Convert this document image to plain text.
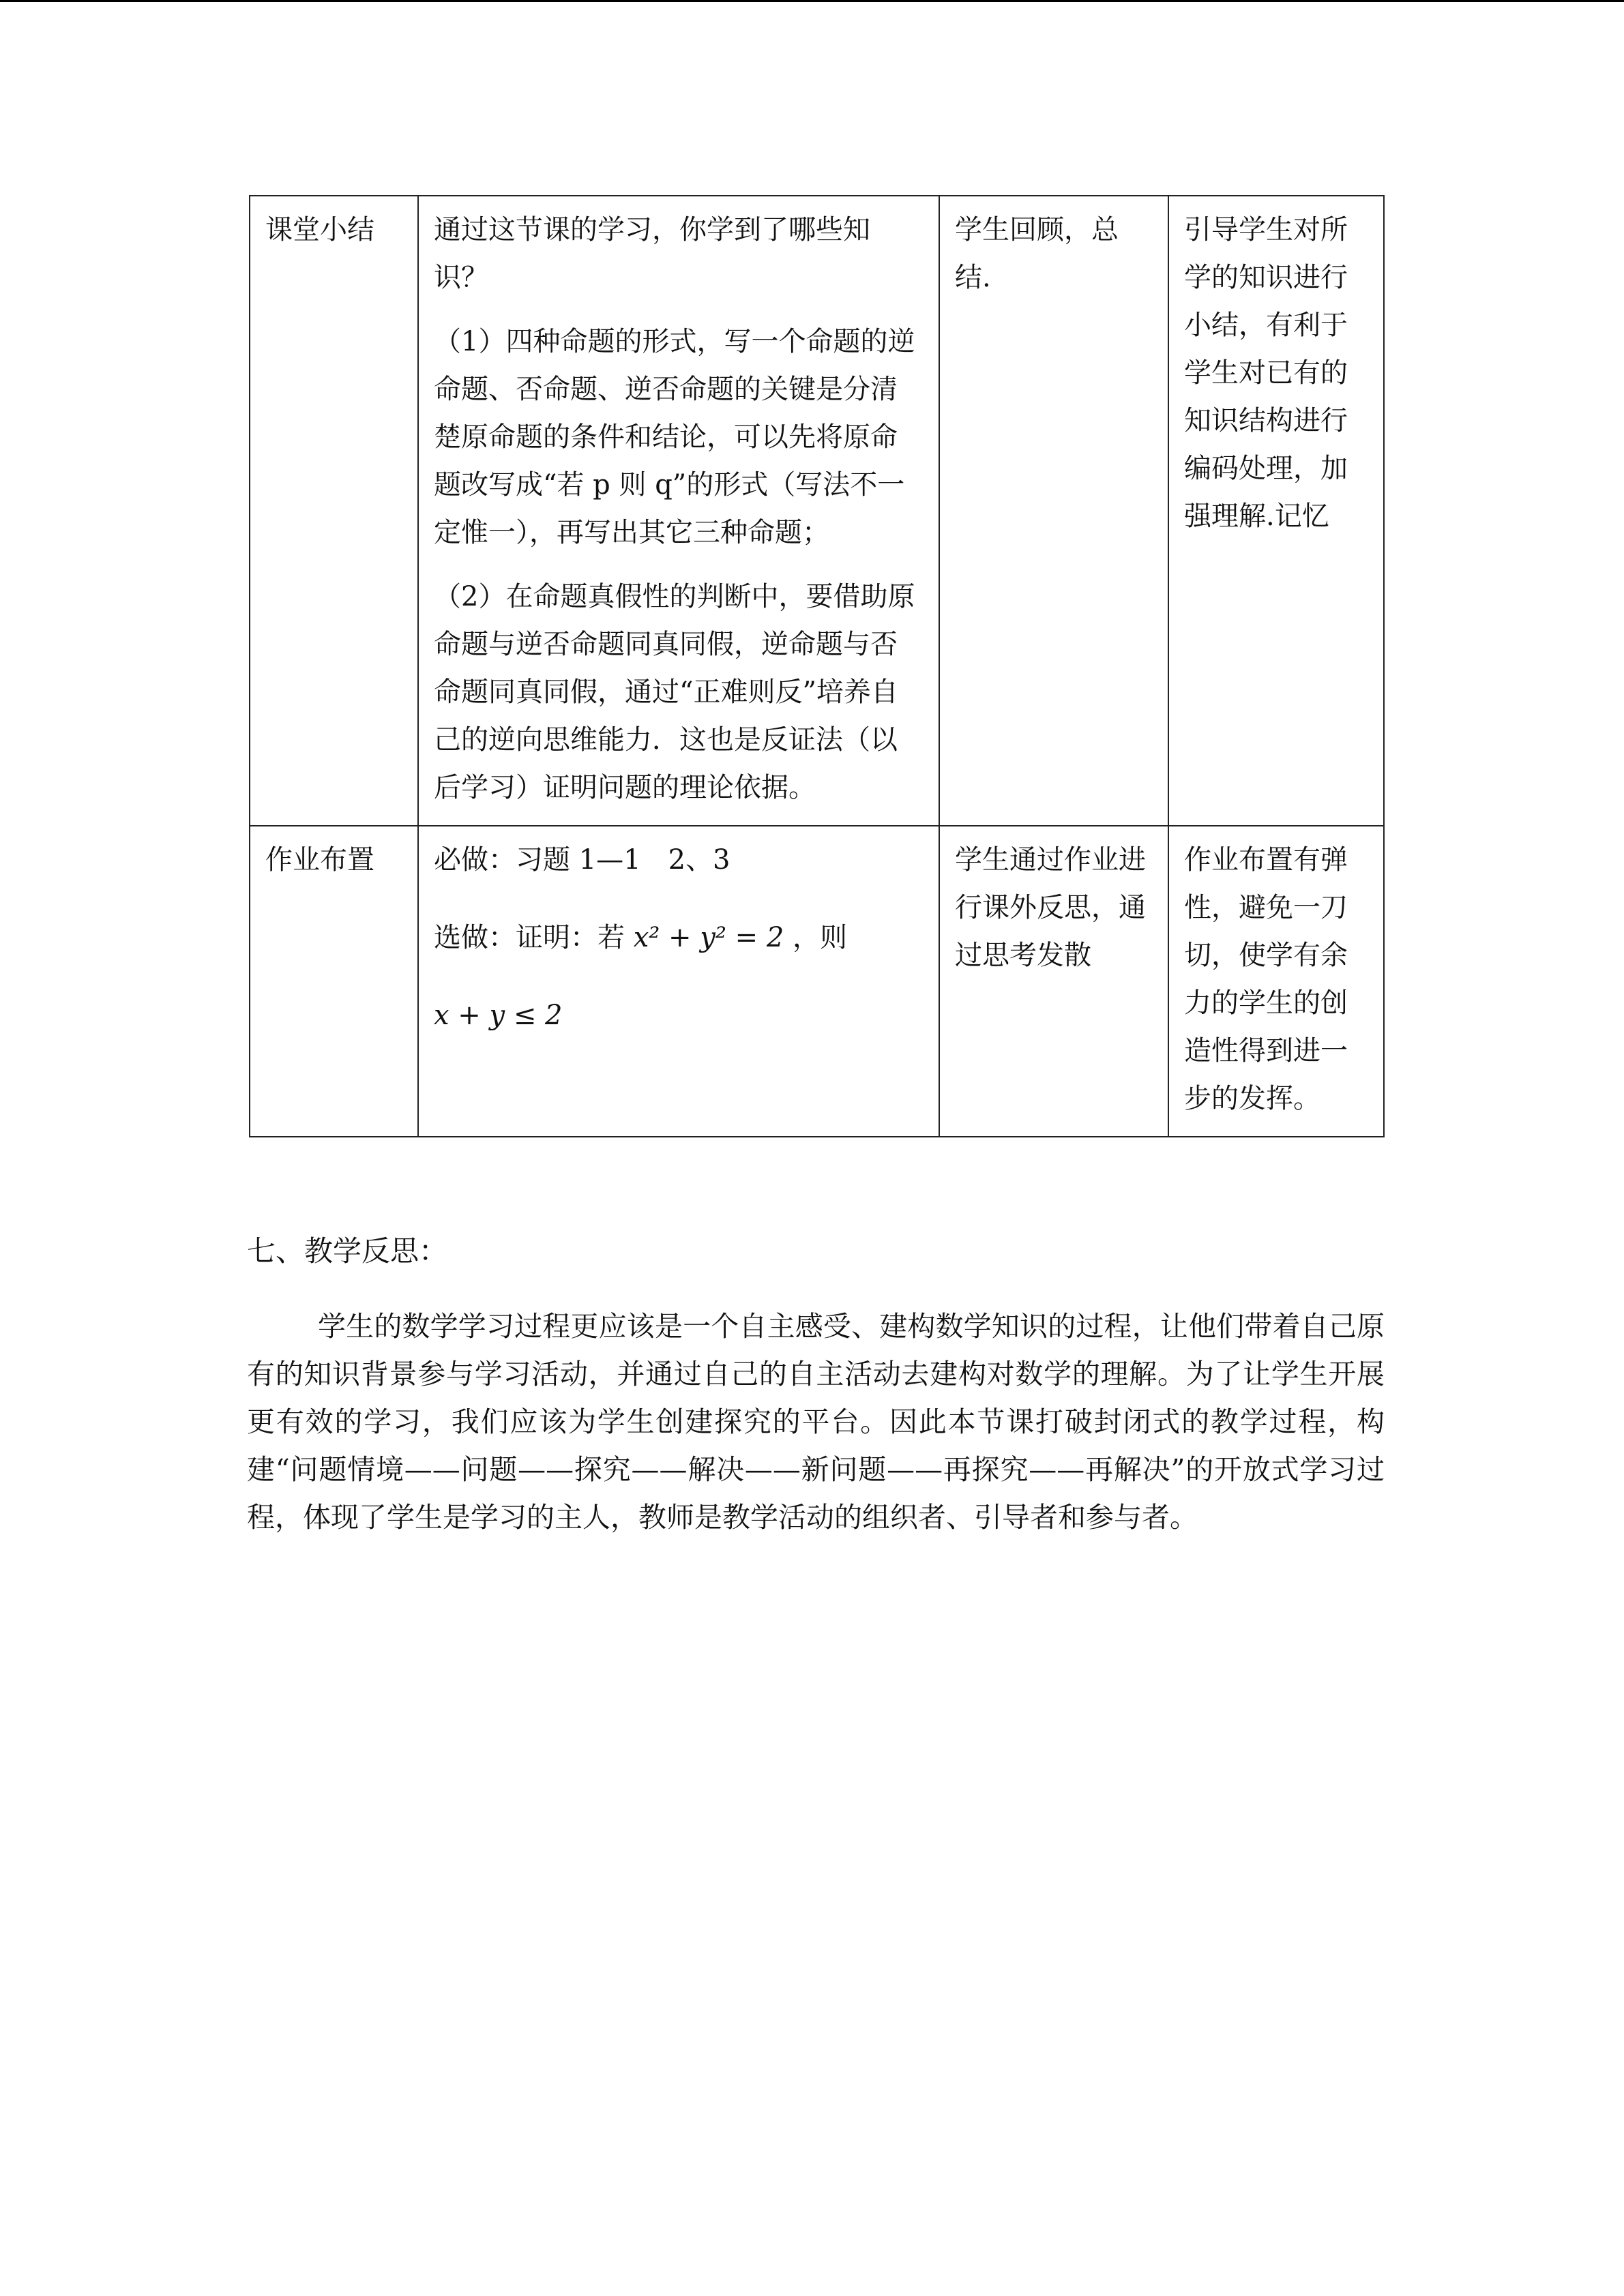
课堂小结	通过这节课的学习，你学到了哪些知识？

（1）四种命题的形式，写一个命题的逆命题、否命题、逆否命题的关键是分清楚原命题的条件和结论，可以先将原命题改写成“若 p 则 q”的形式（写法不一定惟一），再写出其它三种命题；

（2）在命题真假性的判断中，要借助原命题与逆否命题同真同假，逆命题与否命题同真同假，通过“正难则反”培养自己的逆向思维能力．这也是反证法（以后学习）证明问题的理论依据。	学生回顾，总结.	引导学生对所学的知识进行小结，有利于学生对已有的知识结构进行编码处理，加强理解.记忆
作业布置	必做：习题 1—1　2、3

选做：证明：若 x² + y² = 2 ，则

x + y ≤ 2	学生通过作业进行课外反思，通过思考发散	作业布置有弹性，避免一刀切，使学有余力的学生的创造性得到进一步的发挥。
七、教学反思：

学生的数学学习过程更应该是一个自主感受、建构数学知识的过程，让他们带着自己原有的知识背景参与学习活动，并通过自己的自主活动去建构对数学的理解。为了让学生开展更有效的学习，我们应该为学生创建探究的平台。因此本节课打破封闭式的教学过程，构建“问题情境——问题——探究——解决——新问题——再探究——再解决”的开放式学习过程，体现了学生是学习的主人，教师是教学活动的组织者、引导者和参与者。
